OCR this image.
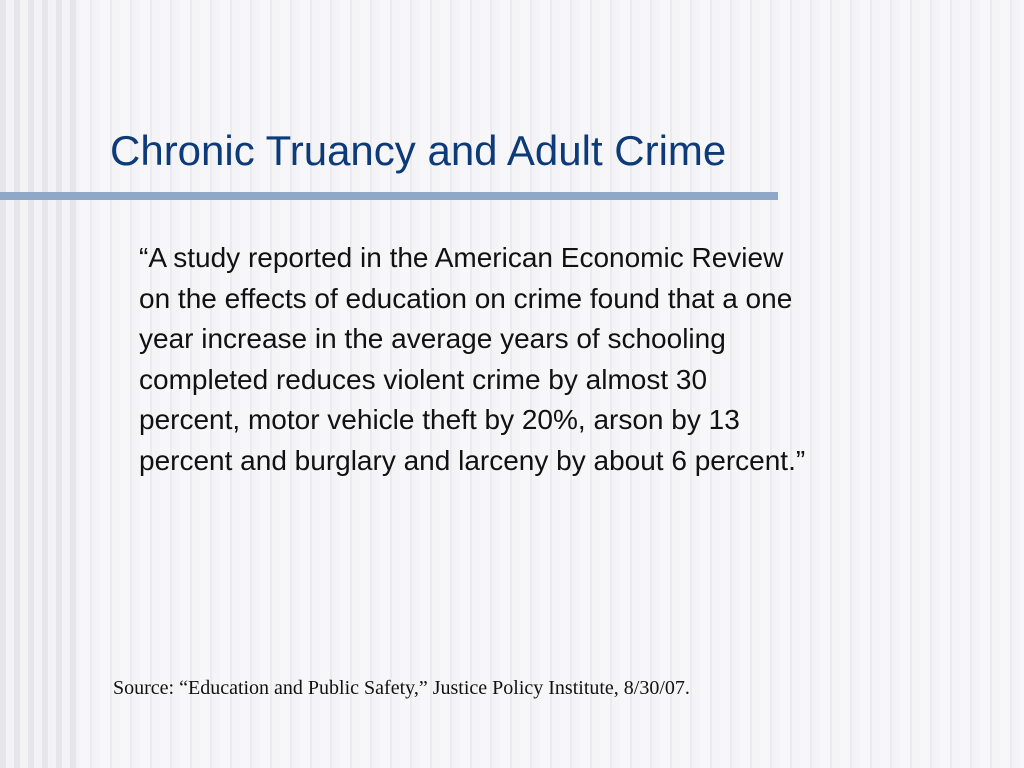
Chronic Truancy and Adult Crime

“A study reported in the American Economic Review
on the effects of education on crime found that a one
year increase in the average years of schooling
completed reduces violent crime by almost 30
percent, motor vehicle theft by 20%, arson by 13
percent and burglary and larceny by about 6 percent.”

Source: “Education and Public Safety,” Justice Policy Institute, 8/30/07.
